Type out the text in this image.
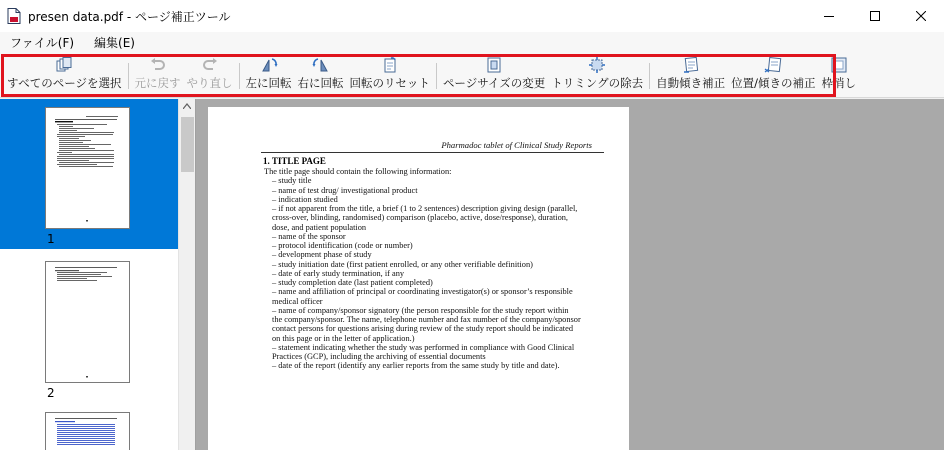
presen data.pdf - ページ補正ツール
ファイル(F)	編集(E)
すべてのページを選択 元に戻す やり直し 左に回転 右に回転 回転のリセット ページサイズの変更 トリミングの除去 自動傾き補正 位置/傾きの補正 枠消し
1
2
Pharmadoc tablet of Clinical Study Reports
1. TITLE PAGE

The title page should contain the following information:

– study title

– name of test drug/ investigational product

– indication studied

– if not apparent from the title, a brief (1 to 2 sentences) description giving design (parallel,

cross-over, blinding, randomised) comparison (placebo, active, dose/response), duration,

dose, and patient population

– name of the sponsor

– protocol identification (code or number)

– development phase of study

– study initiation date (first patient enrolled, or any other verifiable definition)

– date of early study termination, if any

– study completion date (last patient completed)

– name and affiliation of principal or coordinating investigator(s) or sponsor’s responsible

medical officer

– name of company/sponsor signatory (the person responsible for the study report within

the company/sponsor. The name, telephone number and fax number of the company/sponsor

contact persons for questions arising during review of the study report should be indicated

on this page or in the letter of application.)

– statement indicating whether the study was performed in compliance with Good Clinical

Practices (GCP), including the archiving of essential documents

– date of the report (identify any earlier reports from the same study by title and date).
